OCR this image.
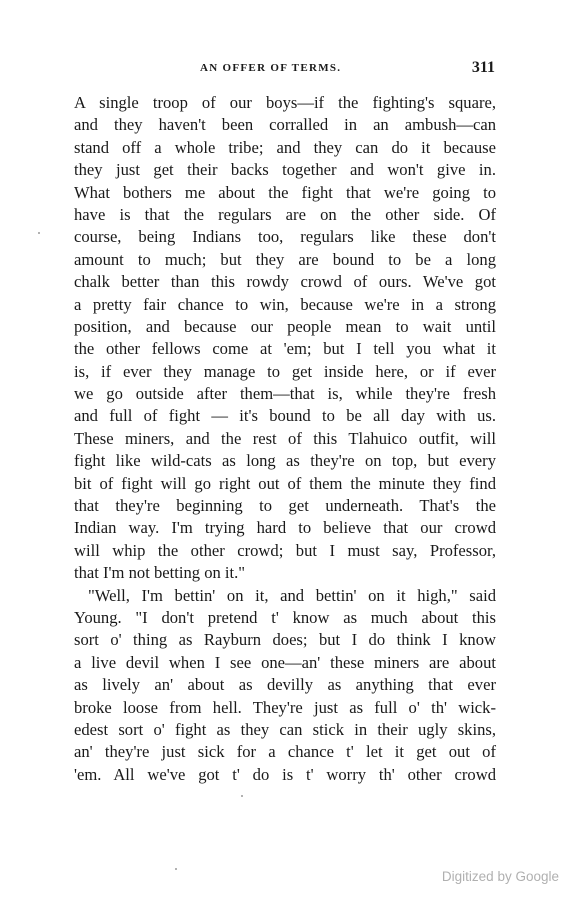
AN OFFER OF TERMS.	311
A single troop of our boys—if the fighting's square,
and they haven't been corralled in an ambush—can
stand off a whole tribe; and they can do it because
they just get their backs together and won't give in.
What bothers me about the fight that we're going to
have is that the regulars are on the other side. Of
course, being Indians too, regulars like these don't
amount to much; but they are bound to be a long
chalk better than this rowdy crowd of ours. We've got
a pretty fair chance to win, because we're in a strong
position, and because our people mean to wait until
the other fellows come at 'em; but I tell you what it
is, if ever they manage to get inside here, or if ever
we go outside after them—that is, while they're fresh
and full of fight — it's bound to be all day with us.
These miners, and the rest of this Tlahuico outfit, will
fight like wild-cats as long as they're on top, but every
bit of fight will go right out of them the minute they find
that they're beginning to get underneath. That's the
Indian way. I'm trying hard to believe that our crowd
will whip the other crowd; but I must say, Professor,
that I'm not betting on it."
"Well, I'm bettin' on it, and bettin' on it high," said
Young. "I don't pretend t' know as much about this
sort o' thing as Rayburn does; but I do think I know
a live devil when I see one—an' these miners are about
as lively an' about as devilly as anything that ever
broke loose from hell. They're just as full o' th' wick-
edest sort o' fight as they can stick in their ugly skins,
an' they're just sick for a chance t' let it get out of
'em. All we've got t' do is t' worry th' other crowd
Digitized by Google
